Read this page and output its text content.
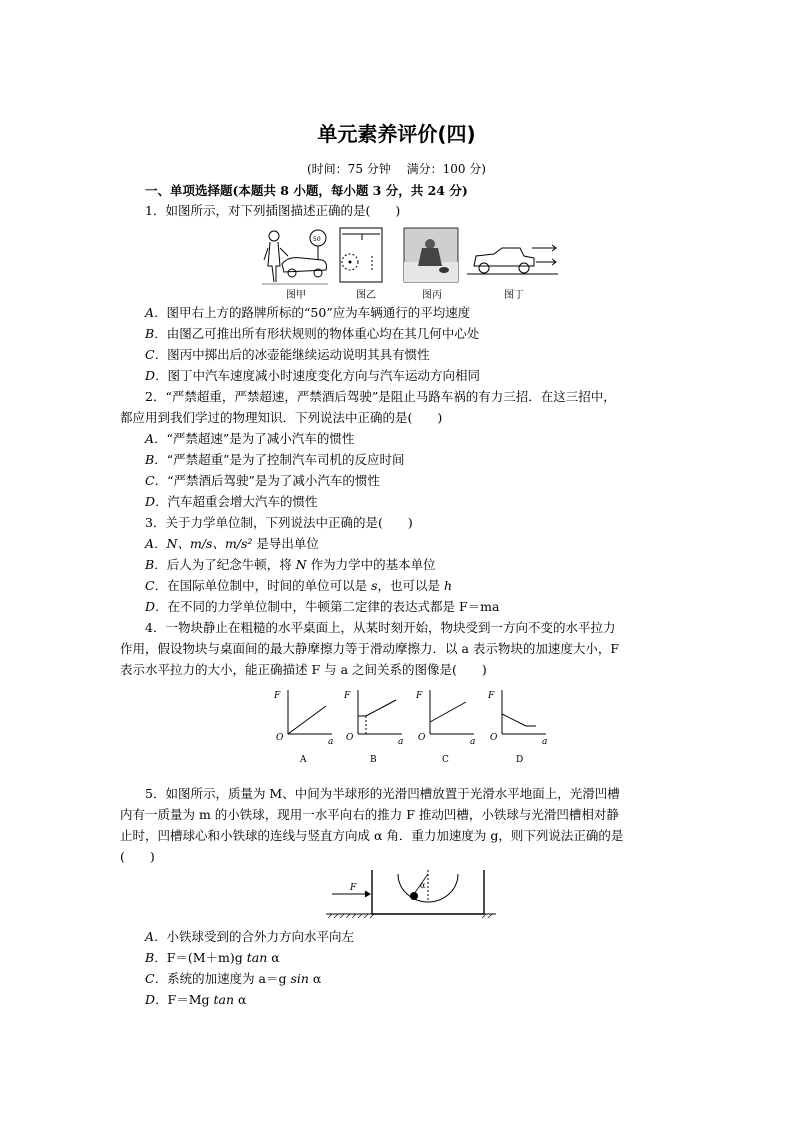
单元素养评价(四)
(时间：75 分钟　 满分：100 分)
一、单项选择题(本题共 8 小题，每小题 3 分，共 24 分)
1．如图所示，对下列插图描述正确的是(　　)
50
图甲	图乙	图丙	图丁
A．图甲右上方的路牌所标的“50”应为车辆通行的平均速度
B．由图乙可推出所有形状规则的物体重心均在其几何中心处
C．图丙中掷出后的冰壶能继续运动说明其具有惯性
D．图丁中汽车速度减小时速度变化方向与汽车运动方向相同
2．“严禁超重，严禁超速，严禁酒后驾驶”是阻止马路车祸的有力三招．在这三招中，
都应用到我们学过的物理知识．下列说法中正确的是(　　)
A．“严禁超速”是为了减小汽车的惯性
B．“严禁超重”是为了控制汽车司机的反应时间
C．“严禁酒后驾驶”是为了减小汽车的惯性
D．汽车超重会增大汽车的惯性
3．关于力学单位制，下列说法中正确的是(　　)
A．N、m/s、m/s² 是导出单位
B．后人为了纪念牛顿，将 N 作为力学中的基本单位
C．在国际单位制中，时间的单位可以是 s，也可以是 h
D．在不同的力学单位制中，牛顿第二定律的表达式都是 F＝ma
4．一物块静止在粗糙的水平桌面上，从某时刻开始，物块受到一方向不变的水平拉力
作用，假设物块与桌面间的最大静摩擦力等于滑动摩擦力．以 a 表示物块的加速度大小，F
表示水平拉力的大小，能正确描述 F 与 a 之间关系的图像是(　　)
F
O	a
A
F
O	a
B
F
O	a
C
F
O	a
D
5．如图所示，质量为 M、中间为半球形的光滑凹槽放置于光滑水平地面上，光滑凹槽
内有一质量为 m 的小铁球，现用一水平向右的推力 F 推动凹槽，小铁球与光滑凹槽相对静
止时，凹槽球心和小铁球的连线与竖直方向成 α 角．重力加速度为 g，则下列说法正确的是
(　　)
F	α
A．小铁球受到的合外力方向水平向左
B．F＝(M＋m)g tan α
C．系统的加速度为 a＝g sin α
D．F＝Mg tan α
